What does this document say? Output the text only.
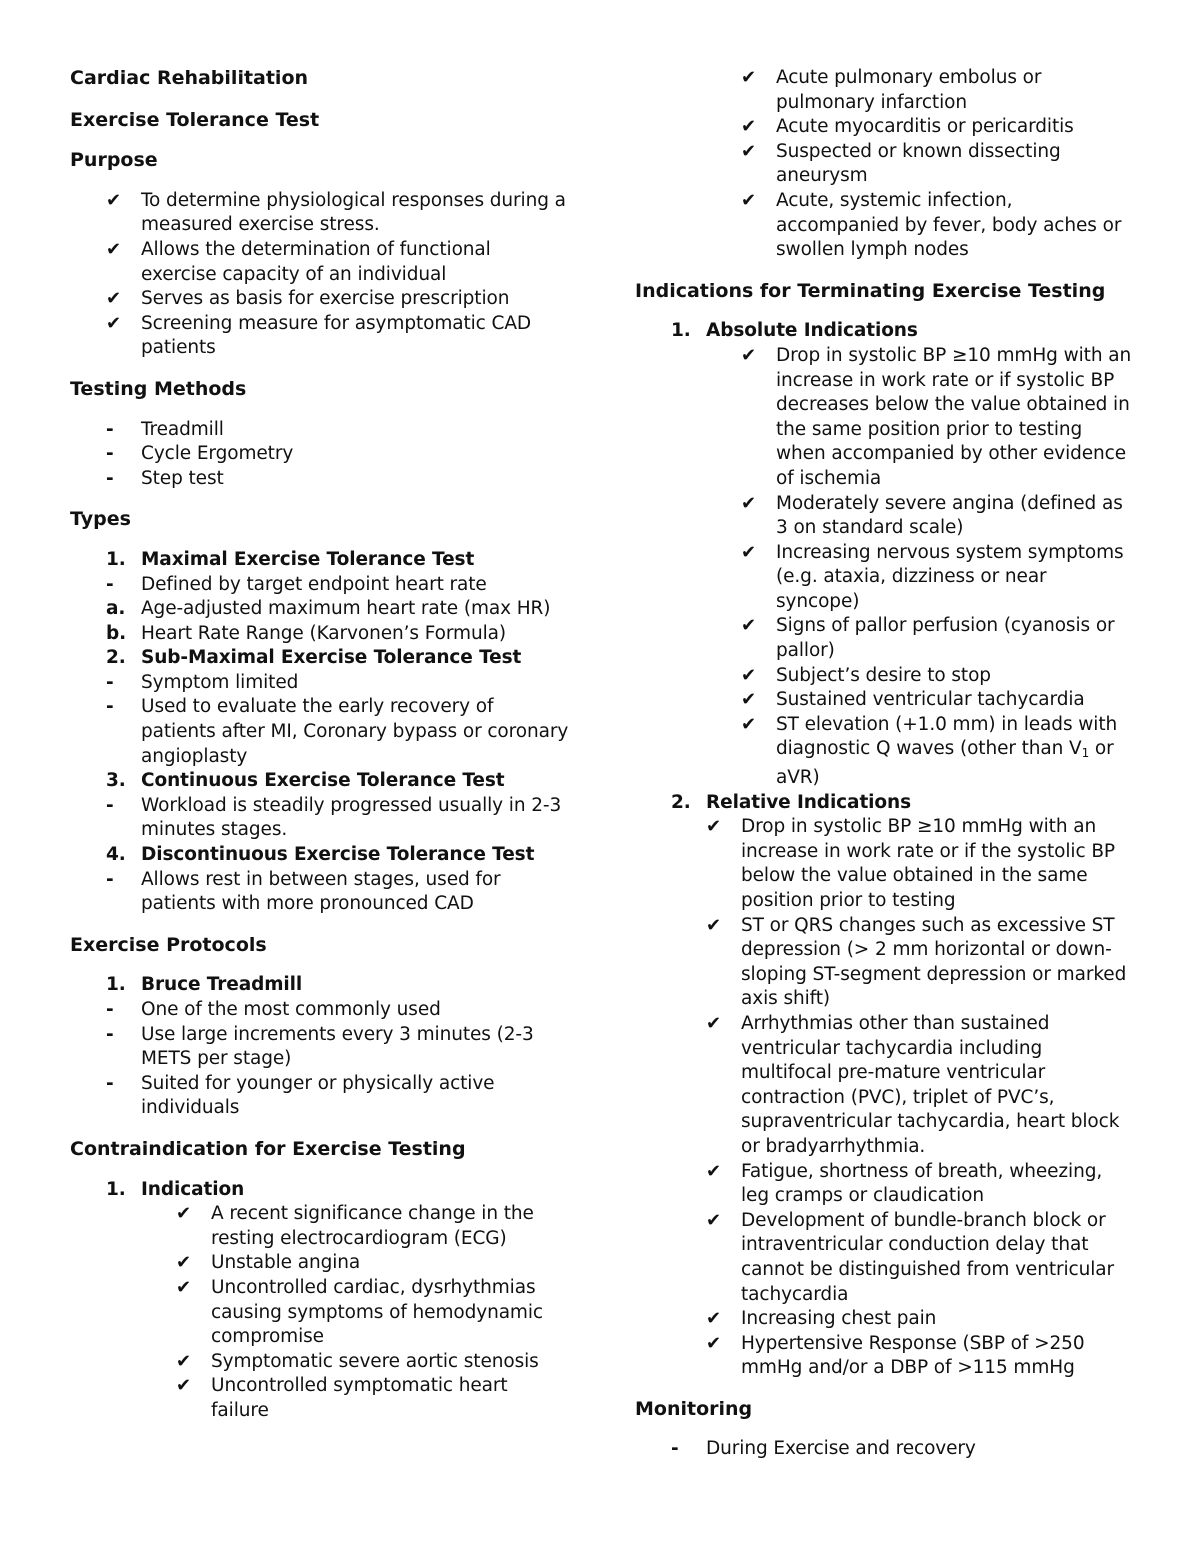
Cardiac Rehabilitation
Exercise Tolerance Test
Purpose
✔ To determine physiological responses during a measured exercise stress.
✔ Allows the determination of functional exercise capacity of an individual
✔ Serves as basis for exercise prescription
✔ Screening measure for asymptomatic CAD patients
Testing Methods
- Treadmill
- Cycle Ergometry
- Step test
Types
1. Maximal Exercise Tolerance Test
- Defined by target endpoint heart rate
a. Age-adjusted maximum heart rate (max HR)
b. Heart Rate Range (Karvonen’s Formula)
2. Sub-Maximal Exercise Tolerance Test
- Symptom limited
- Used to evaluate the early recovery of patients after MI, Coronary bypass or coronary angioplasty
3. Continuous Exercise Tolerance Test
- Workload is steadily progressed usually in 2-3 minutes stages.
4. Discontinuous Exercise Tolerance Test
- Allows rest in between stages, used for patients with more pronounced CAD
Exercise Protocols
1. Bruce Treadmill
- One of the most commonly used
- Use large increments every 3 minutes (2-3 METS per stage)
- Suited for younger or physically active individuals
Contraindication for Exercise Testing
1. Indication
✔ A recent significance change in the resting electrocardiogram (ECG)
✔ Unstable angina
✔ Uncontrolled cardiac, dysrhythmias causing symptoms of hemodynamic compromise
✔ Symptomatic severe aortic stenosis
✔ Uncontrolled symptomatic heart failure
✔ Acute pulmonary embolus or pulmonary infarction
✔ Acute myocarditis or pericarditis
✔ Suspected or known dissecting aneurysm
✔ Acute, systemic infection, accompanied by fever, body aches or swollen lymph nodes
Indications for Terminating Exercise Testing
1. Absolute Indications
✔ Drop in systolic BP ≥10 mmHg with an increase in work rate or if systolic BP decreases below the value obtained in the same position prior to testing when accompanied by other evidence of ischemia
✔ Moderately severe angina (defined as 3 on standard scale)
✔ Increasing nervous system symptoms (e.g. ataxia, dizziness or near syncope)
✔ Signs of pallor perfusion (cyanosis or pallor)
✔ Subject’s desire to stop
✔ Sustained ventricular tachycardia
✔ ST elevation (+1.0 mm) in leads with diagnostic Q waves (other than V1 or aVR)
2. Relative Indications
✔ Drop in systolic BP ≥10 mmHg with an increase in work rate or if the systolic BP below the value obtained in the same position prior to testing
✔ ST or QRS changes such as excessive ST depression (> 2 mm horizontal or down-sloping ST-segment depression or marked axis shift)
✔ Arrhythmias other than sustained ventricular tachycardia including multifocal pre-mature ventricular contraction (PVC), triplet of PVC’s, supraventricular tachycardia, heart block or bradyarrhythmia.
✔ Fatigue, shortness of breath, wheezing, leg cramps or claudication
✔ Development of bundle-branch block or intraventricular conduction delay that cannot be distinguished from ventricular tachycardia
✔ Increasing chest pain
✔ Hypertensive Response (SBP of >250 mmHg and/or a DBP of >115 mmHg
Monitoring
- During Exercise and recovery
